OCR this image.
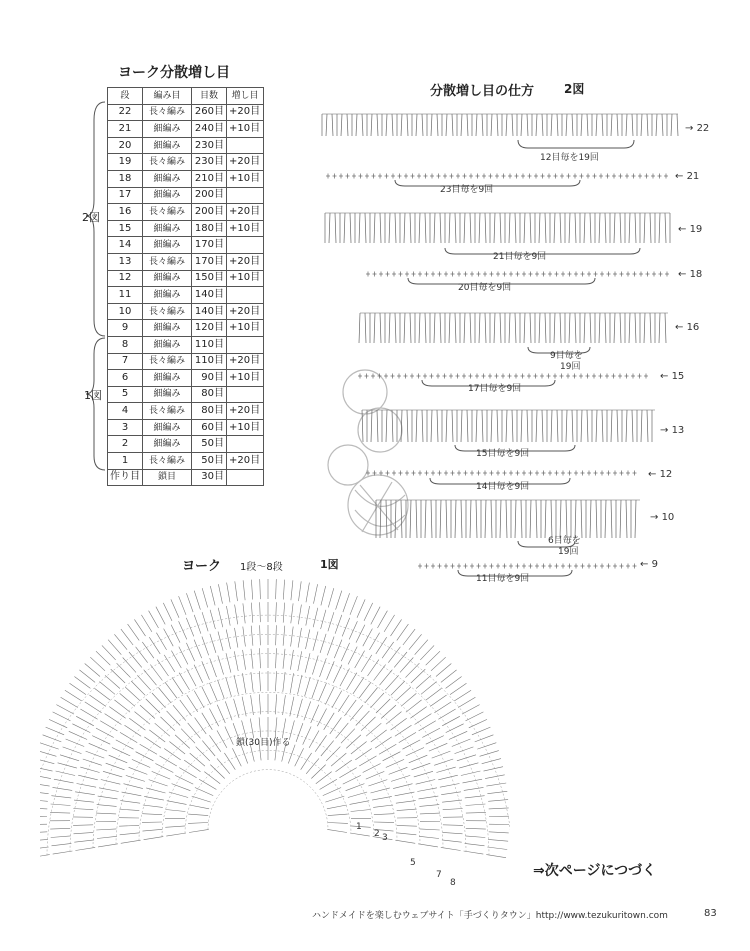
ヨーク分散増し目
段	編み目	目数	増し目
22	長々編み	260目	+20目
21	細編み	240目	+10目
20	細編み	230目	
19	長々編み	230目	+20目
18	細編み	210目	+10目
17	細編み	200目	
16	長々編み	200目	+20目
15	細編み	180目	+10目
14	細編み	170目	
13	長々編み	170目	+20目
12	細編み	150目	+10目
11	細編み	140目	
10	長々編み	140目	+20目
9	細編み	120目	+10目
8	細編み	110目	
7	長々編み	110目	+20目
6	細編み	90目	+10目
5	細編み	80目	
4	長々編み	80目	+20目
3	細編み	60目	+10目
2	細編み	50目	
1	長々編み	50目	+20目
作り目	鎖目	30目	
2図
1図
分散増し目の仕方 2図
12目毎を19回
→ 22
23目毎を9回
← 21
21目毎を9回
← 19
20目毎を9回
← 18
9目毎を
19回
← 16
17目毎を9回
← 15
15目毎を9回
→ 13
14目毎を9回
← 12
6目毎を
19回
→ 10
11目毎を9回
← 9
ヨーク 1段〜8段	1図
1
2 3
5
7
8
鎖(30目)作る
⇒次ページにつづく
ハンドメイドを楽しむウェブサイト「手づくりタウン」http://www.tezukuritown.com	83
